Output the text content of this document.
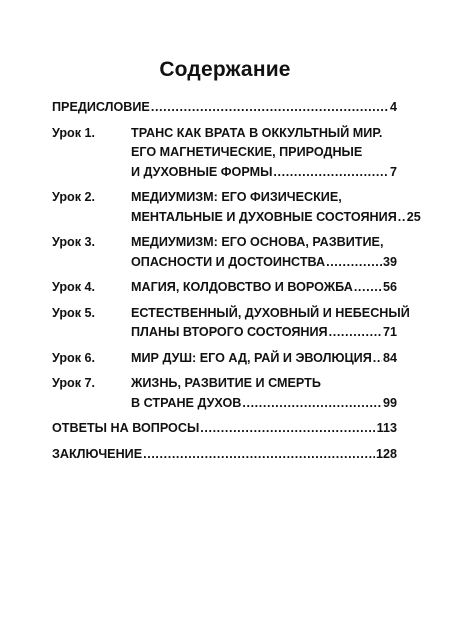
Содержание
ПРЕДИСЛОВИЕ .....	4
Урок 1.	ТРАНС КАК ВРАТА В ОККУЛЬТНЫЙ МИР.
ЕГО МАГНЕТИЧЕСКИЕ, ПРИРОДНЫЕ
И ДУХОВНЫЕ ФОРМЫ .....	7
Урок 2.	МЕДИУМИЗМ: ЕГО ФИЗИЧЕСКИЕ,
МЕНТАЛЬНЫЕ И ДУХОВНЫЕ СОСТОЯНИЯ ..... 25
Урок 3.	МЕДИУМИЗМ: ЕГО ОСНОВА, РАЗВИТИЕ,
ОПАСНОСТИ И ДОСТОИНСТВА .....	39
Урок 4.	МАГИЯ, КОЛДОВСТВО И ВОРОЖБА ..... 56
Урок 5.	ЕСТЕСТВЕННЫЙ, ДУХОВНЫЙ И НЕБЕСНЫЙ
ПЛАНЫ ВТОРОГО СОСТОЯНИЯ .....	71
Урок 6.	МИР ДУШ: ЕГО АД, РАЙ И ЭВОЛЮЦИЯ ..... 84
Урок 7.	ЖИЗНЬ, РАЗВИТИЕ И СМЕРТЬ
В СТРАНЕ ДУХОВ .....	99
ОТВЕТЫ НА ВОПРОСЫ .....	113
ЗАКЛЮЧЕНИЕ .....	128
